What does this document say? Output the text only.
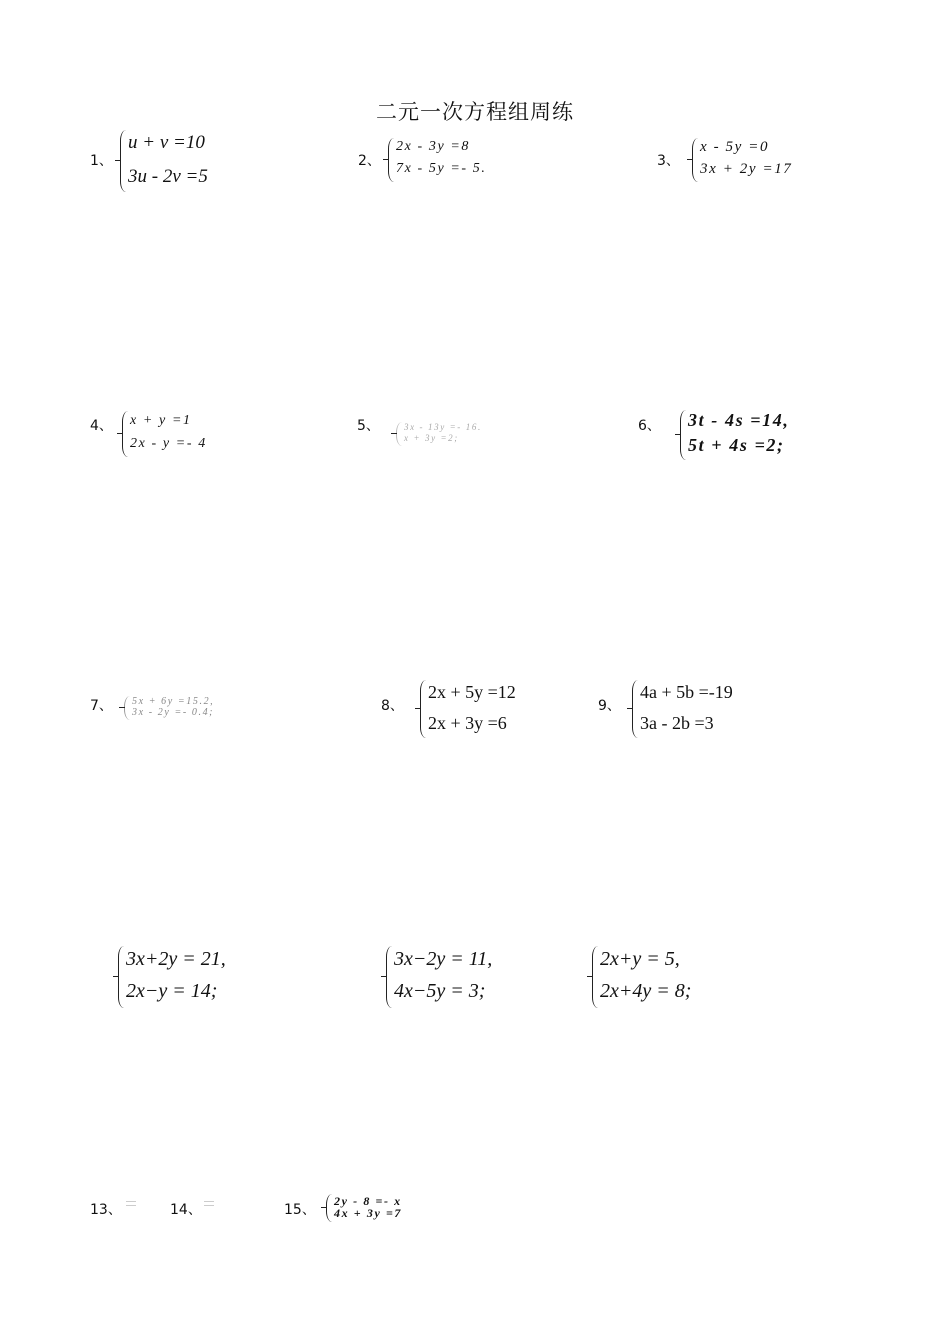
二元一次方程组周练
1、
u + v =10
3u - 2v =5
2、
2x - 3y =8
7x - 5y =- 5.	3、
x - 5y =0
3x + 2y =17
4、 x + y =1
2x - y =- 4
5、	3x - 13y =- 16.
x + 3y =2;
6、 3t - 4s =14,
5t + 4s =2;
7、 5x + 6y =15.2,
3x - 2y =- 0.4;	8、
2x + 5y =12
2x + 3y =6
9、
4a + 5b =-19
3a - 2b =3
3x+2y = 21,
2x−y = 14;
3x−2y = 11,
4x−5y = 3;
2x+y = 5,
2x+4y = 8;
13、	14、	15、
2y - 8 =- x
4x + 3y =7
